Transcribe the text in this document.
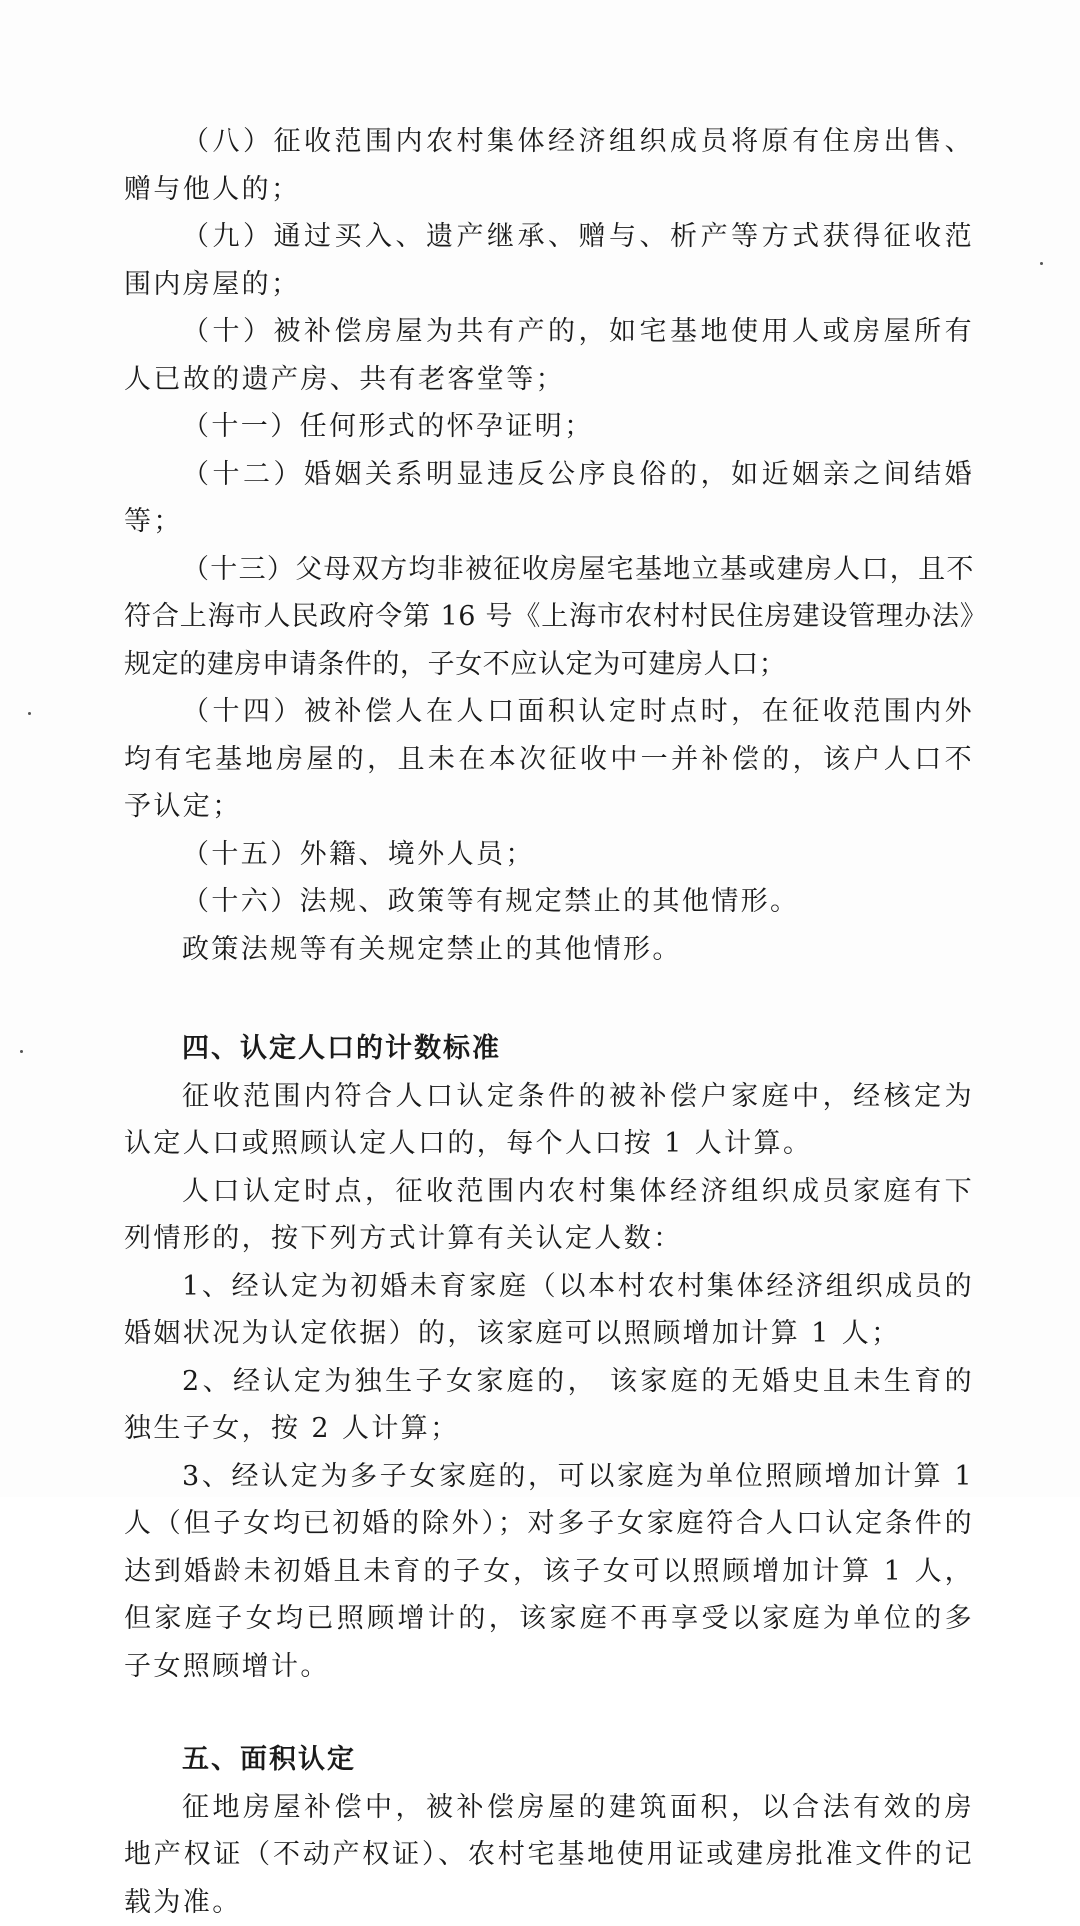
（八）征收范围内农村集体经济组织成员将原有住房出售、赠与他人的；

（九）通过买入、遗产继承、赠与、析产等方式获得征收范围内房屋的；

（十）被补偿房屋为共有产的，如宅基地使用人或房屋所有人已故的遗产房、共有老客堂等；

（十一）任何形式的怀孕证明；

（十二）婚姻关系明显违反公序良俗的，如近姻亲之间结婚等；

（十三）父母双方均非被征收房屋宅基地立基或建房人口，且不符合上海市人民政府令第 16 号《上海市农村村民住房建设管理办法》规定的建房申请条件的，子女不应认定为可建房人口；

（十四）被补偿人在人口面积认定时点时，在征收范围内外均有宅基地房屋的，且未在本次征收中一并补偿的，该户人口不予认定；

（十五）外籍、境外人员；

（十六）法规、政策等有规定禁止的其他情形。

政策法规等有关规定禁止的其他情形。

四、认定人口的计数标准

征收范围内符合人口认定条件的被补偿户家庭中，经核定为认定人口或照顾认定人口的，每个人口按 1 人计算。

人口认定时点，征收范围内农村集体经济组织成员家庭有下列情形的，按下列方式计算有关认定人数：

1、经认定为初婚未育家庭（以本村农村集体经济组织成员的婚姻状况为认定依据）的，该家庭可以照顾增加计算 1 人；

2、经认定为独生子女家庭的， 该家庭的无婚史且未生育的独生子女，按 2 人计算；

3、经认定为多子女家庭的，可以家庭为单位照顾增加计算 1 人（但子女均已初婚的除外）；对多子女家庭符合人口认定条件的达到婚龄未初婚且未育的子女，该子女可以照顾增加计算 1 人，但家庭子女均已照顾增计的，该家庭不再享受以家庭为单位的多子女照顾增计。

五、面积认定

征地房屋补偿中，被补偿房屋的建筑面积，以合法有效的房地产权证（不动产权证）、农村宅基地使用证或建房批准文件的记载为准。
